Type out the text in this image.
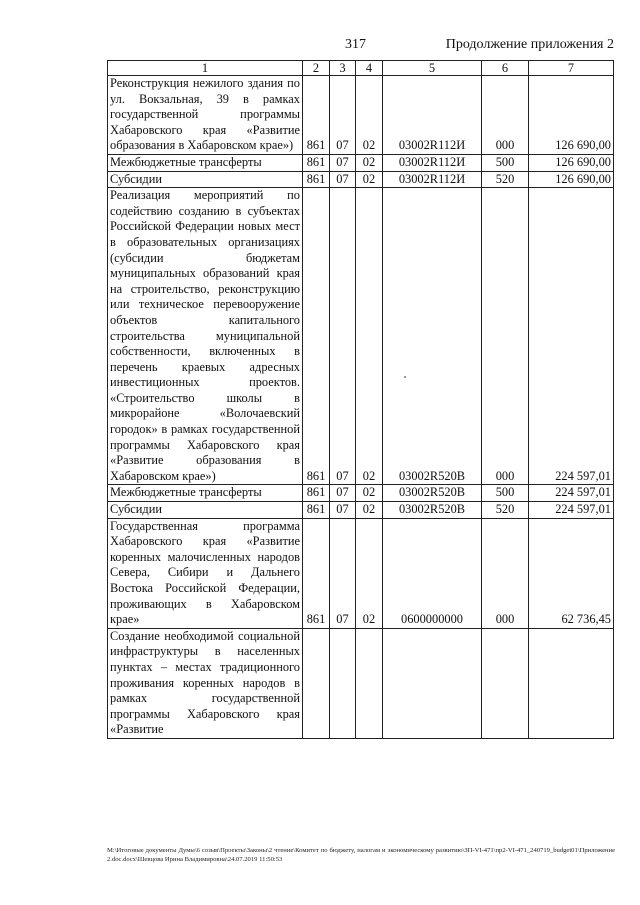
317	Продолжение приложения 2
1	2	3	4	5	6	7
Реконструкция нежилого здания по ул. Вокзальная, 39 в рамках государственной программы Хабаровского края «Развитие образования в Хабаровском крае»)	861	07	02	03002R112И	000	126 690,00
Межбюджетные трансферты	861	07	02	03002R112И	500	126 690,00
Субсидии	861	07	02	03002R112И	520	126 690,00
Реализация мероприятий по содействию созданию в субъектах Российской Федерации новых мест в образовательных организациях (субсидии бюджетам муниципальных образований края на строительство, реконструкцию или техническое перевооружение объектов капитального строительства муниципальной собственности, включенных в перечень краевых адресных инвестиционных проектов. «Строительство школы в микрорайоне «Волочаевский городок» в рамках государственной программы Хабаровского края «Развитие образования в Хабаровском крае»)	861	07	02	03002R520В	000	224 597,01
Межбюджетные трансферты	861	07	02	03002R520В	500	224 597,01
Субсидии	861	07	02	03002R520В	520	224 597,01
Государственная программа Хабаровского края «Развитие коренных малочисленных народов Севера, Сибири и Дальнего Востока Российской Федерации, проживающих в Хабаровском крае»	861	07	02	0600000000	000	62 736,45
Создание необходимой социальной инфраструктуры в населенных пунктах – местах традиционного проживания коренных народов в рамках государственной программы Хабаровского края «Развитие						
М:\Итоговые документы Думы\6 созыв\Проекты\Законы\2 чтение\Комитет по бюджету, налогам и экономическому развитию\ЗП-VI-471\пр2-VI-471_240719_budget01\Приложение 2.doc.docx\Шевцова Ирина Владимировна\24.07.2019 11:50:53
